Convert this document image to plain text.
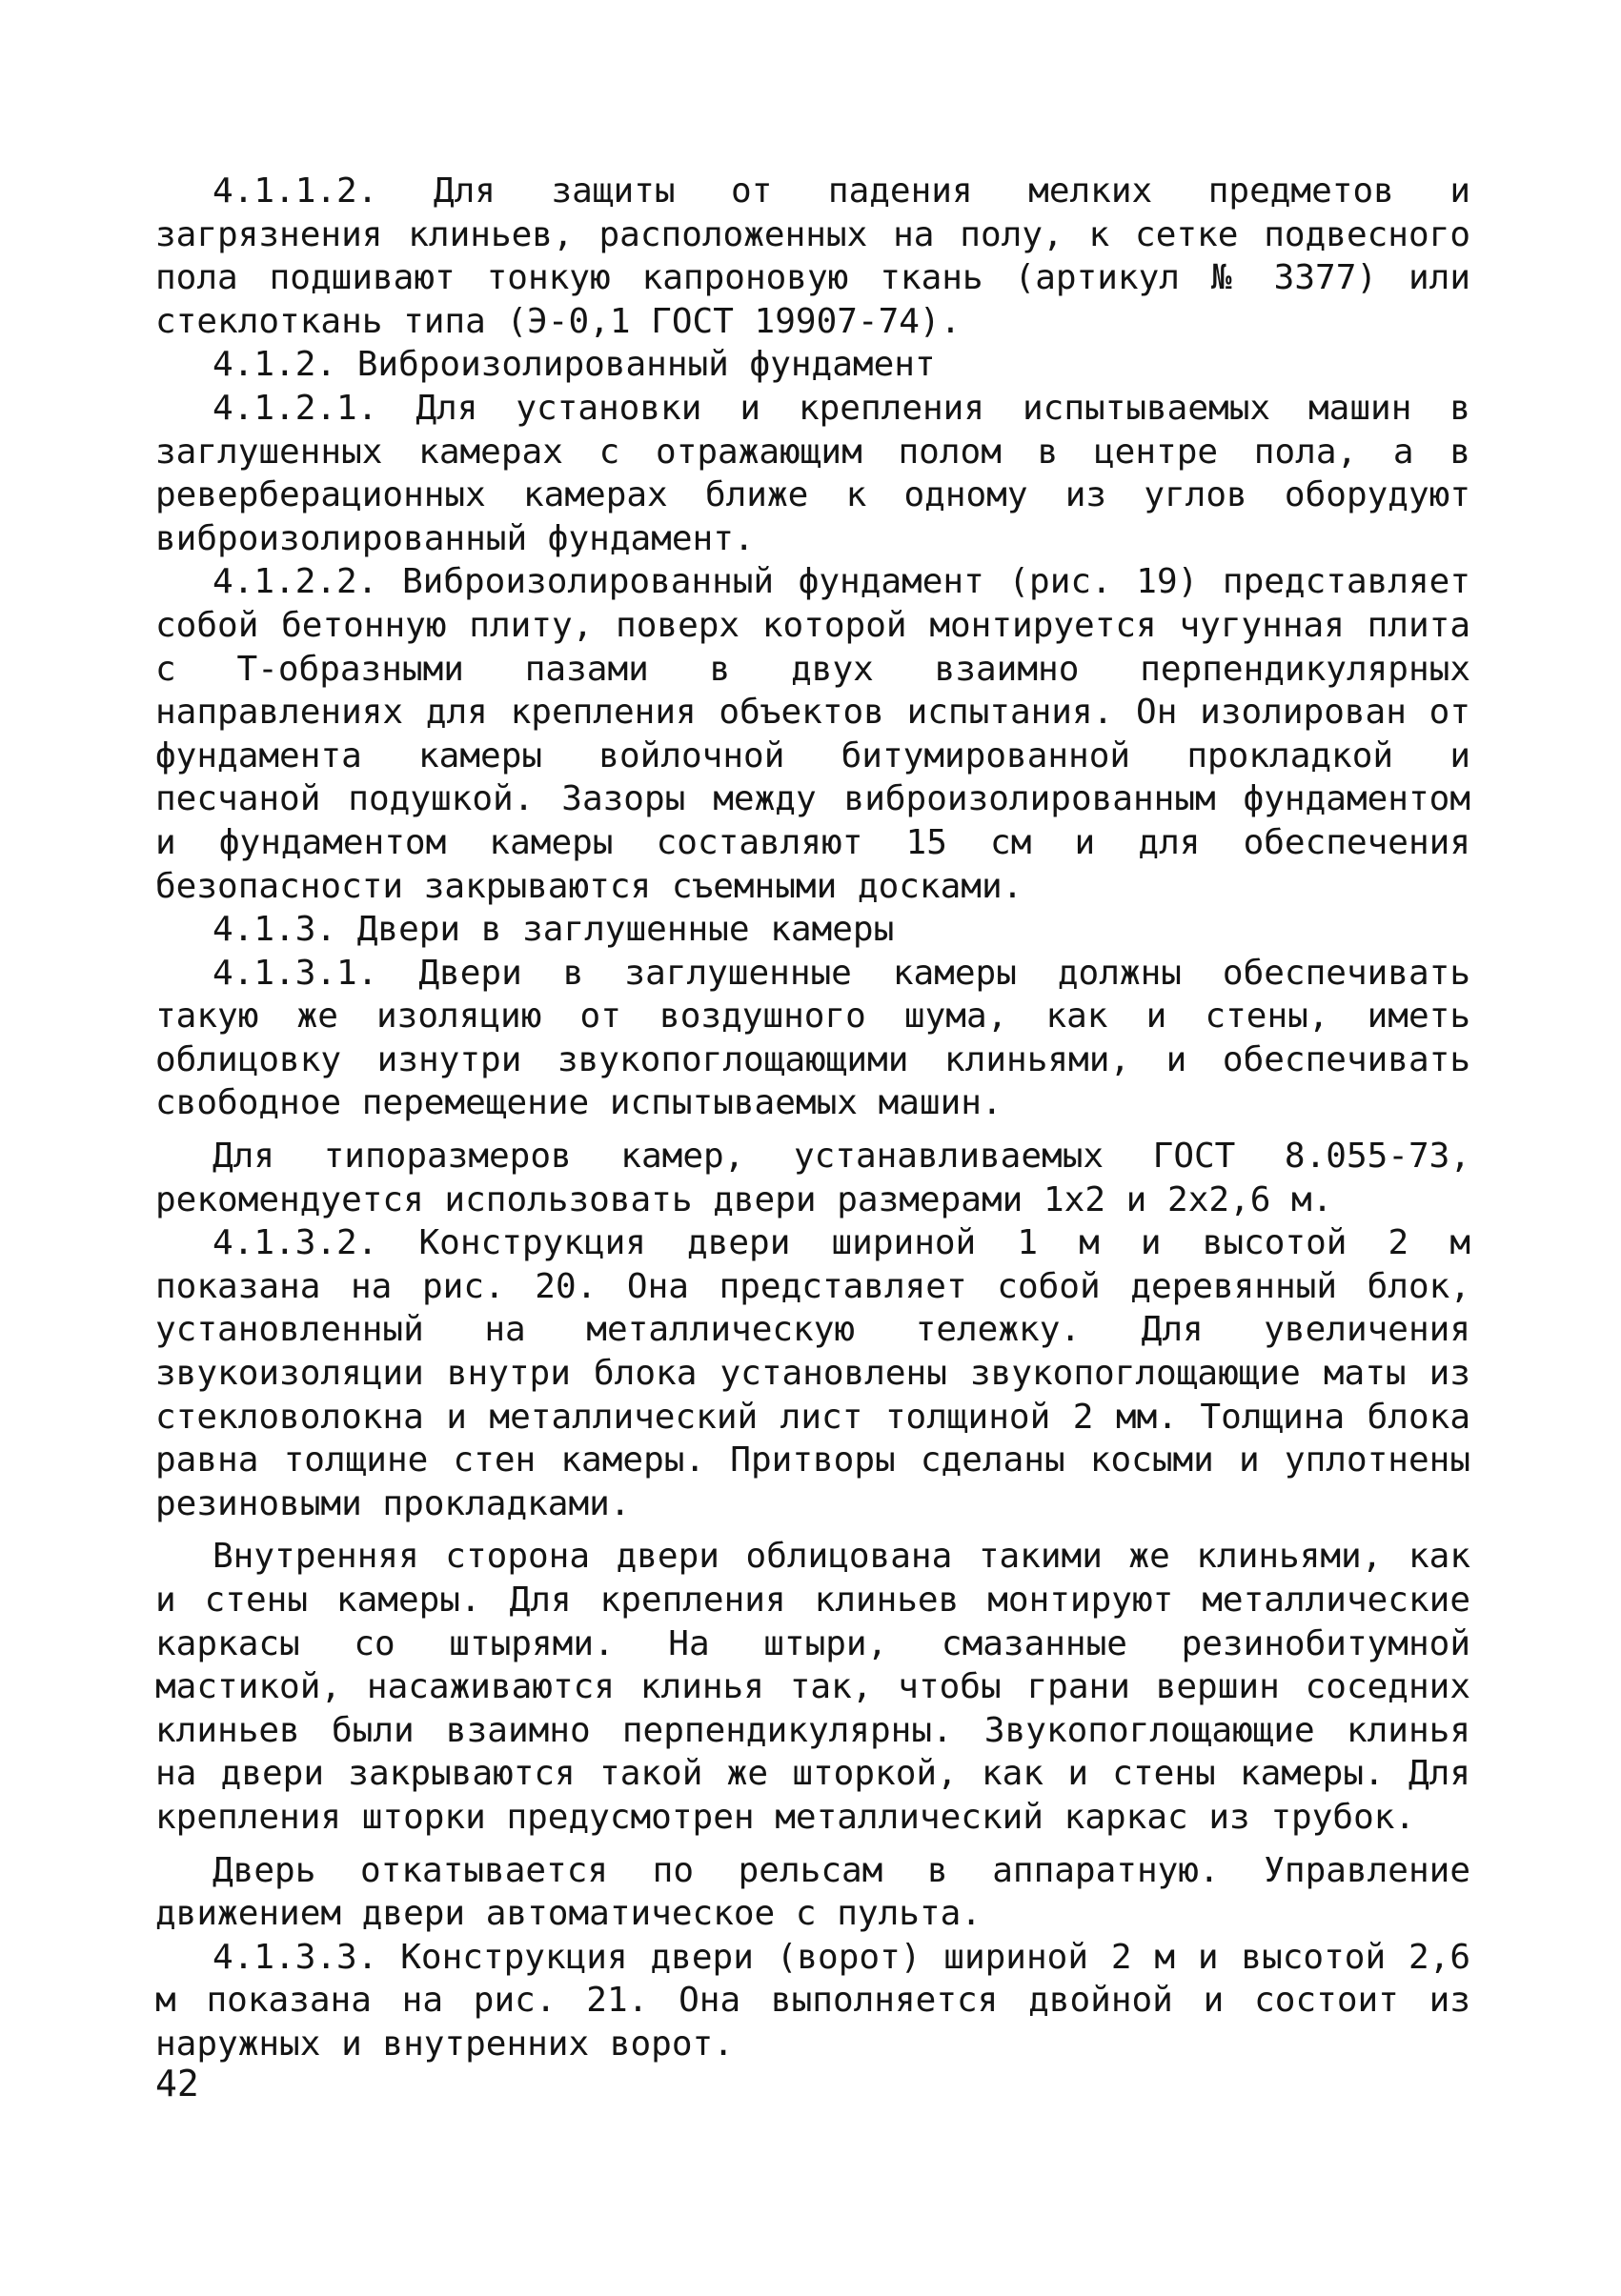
4.1.1.2. Для защиты от падения мелких предметов и загрязнения клиньев, расположенных на полу, к сетке подвесного пола подшивают тонкую капроновую ткань (артикул № 3377) или стеклоткань типа (Э-0,1 ГОСТ 19907-74).

4.1.2. Виброизолированный фундамент

4.1.2.1. Для установки и крепления испытываемых машин в заглушенных камерах с отражающим полом в центре пола, а в реверберационных камерах ближе к одному из углов оборудуют виброизолированный фундамент.

4.1.2.2. Виброизолированный фундамент (рис. 19) представляет собой бетонную плиту, поверх которой монтируется чугунная плита с Т-образными пазами в двух взаимно перпендикулярных направлениях для крепления объектов испытания. Он изолирован от фундамента камеры войлочной битумированной прокладкой и песчаной подушкой. Зазоры между виброизолированным фундаментом и фундаментом камеры составляют 15 см и для обеспечения безопасности закрываются съемными досками.

4.1.3. Двери в заглушенные камеры

4.1.3.1. Двери в заглушенные камеры должны обеспечивать такую же изоляцию от воздушного шума, как и стены, иметь облицовку изнутри звукопоглощающими клиньями, и обеспечивать свободное перемещение испытываемых машин.

Для типоразмеров камер, устанавливаемых ГОСТ 8.055-73, рекомендуется использовать двери размерами 1х2 и 2х2,6 м.

4.1.3.2. Конструкция двери шириной 1 м и высотой 2 м показана на рис. 20. Она представляет собой деревянный блок, установленный на металлическую тележку. Для увеличения звукоизоляции внутри блока установлены звукопоглощающие маты из стекловолокна и металлический лист толщиной 2 мм. Толщина блока равна толщине стен камеры. Притворы сделаны косыми и уплотнены резиновыми прокладками.

Внутренняя сторона двери облицована такими же клиньями, как и стены камеры. Для крепления клиньев монтируют металлические каркасы со штырями. На штыри, смазанные резинобитумной мастикой, насаживаются клинья так, чтобы грани вершин соседних клиньев были взаимно перпендикулярны. Звукопоглощающие клинья на двери закрываются такой же шторкой, как и стены камеры. Для крепления шторки предусмотрен металлический каркас из трубок.

Дверь откатывается по рельсам в аппаратную. Управление движением двери автоматическое с пульта.

4.1.3.3. Конструкция двери (ворот) шириной 2 м и высотой 2,6 м показана на рис. 21. Она выполняется двойной и состоит из наружных и внутренних ворот.

42
